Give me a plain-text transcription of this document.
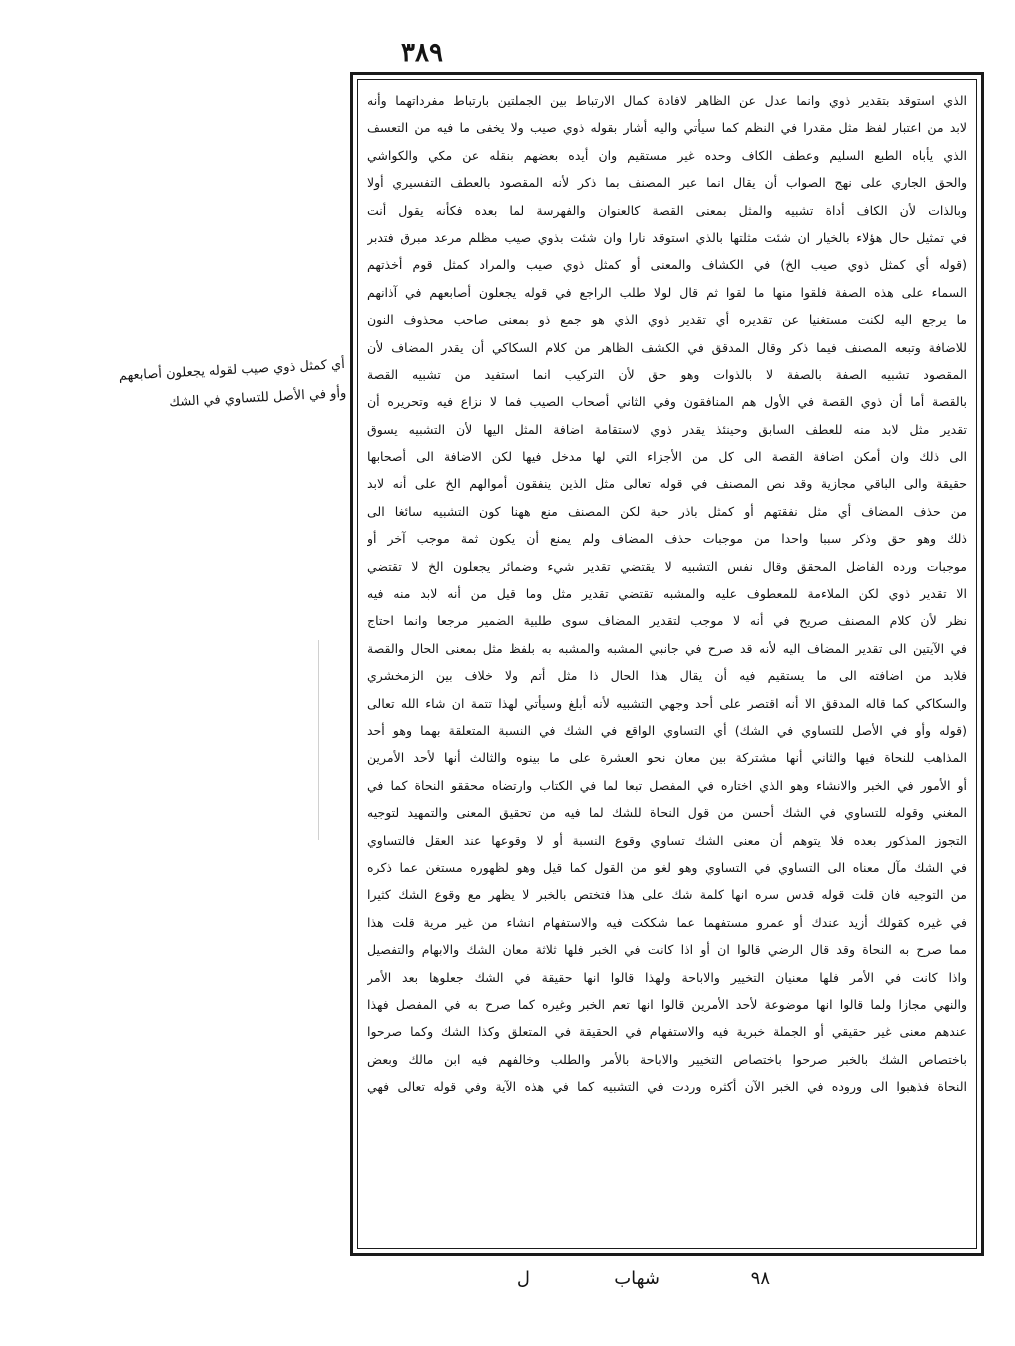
٣٨٩
أي كمثل ذوي صيب لقوله يجعلون أصابعهم
وأو في الأصل للتساوي في الشك
الذي استوقد بتقدير ذوي وانما عدل عن الظاهر لافادة كمال الارتباط بين الجملتين بارتباط مفرداتهما وأنه
لابد من اعتبار لفظ مثل مقدرا في النظم كما سيأتي واليه أشار بقوله ذوي صيب ولا يخفى ما فيه من التعسف
الذي يأباه الطبع السليم وعطف الكاف وحده غير مستقيم وان أيده بعضهم بنقله عن مكي والكواشي
والحق الجاري على نهج الصواب أن يقال انما عبر المصنف بما ذكر لأنه المقصود بالعطف التفسيري أولا
وبالذات لأن الكاف أداة تشبيه والمثل بمعنى القصة كالعنوان والفهرسة لما بعده فكأنه يقول أنت
في تمثيل حال هؤلاء بالخيار ان شئت مثلتها بالذي استوقد نارا وان شئت بذوي صيب مظلم مرعد مبرق فتدبر
(قوله أي كمثل ذوي صيب الخ) في الكشاف والمعنى أو كمثل ذوي صيب والمراد كمثل قوم أخذتهم
السماء على هذه الصفة فلقوا منها ما لقوا ثم قال لولا طلب الراجع في قوله يجعلون أصابعهم في آذانهم
ما يرجع اليه لكنت مستغنيا عن تقديره أي تقدير ذوي الذي هو جمع ذو بمعنى صاحب محذوف النون
للاضافة وتبعه المصنف فيما ذكر وقال المدقق في الكشف الظاهر من كلام السكاكي أن يقدر المضاف لأن
المقصود تشبيه الصفة بالصفة لا بالذوات وهو حق لأن التركيب انما استفيد من تشبيه القصة
بالقصة أما أن ذوي القصة في الأول هم المنافقون وفي الثاني أصحاب الصيب فما لا نزاع فيه وتحريره أن
تقدير مثل لابد منه للعطف السابق وحينئذ يقدر ذوي لاستقامة اضافة المثل اليها لأن التشبيه يسوق
الى ذلك وان أمكن اضافة القصة الى كل من الأجزاء التي لها مدخل فيها لكن الاضافة الى أصحابها
حقيقة والى الباقي مجازية وقد نص المصنف في قوله تعالى مثل الذين ينفقون أموالهم الخ على أنه لابد
من حذف المضاف أي مثل نفقتهم أو كمثل باذر حبة لكن المصنف منع ههنا كون التشبيه سائغا الى
ذلك وهو حق وذكر سببا واحدا من موجبات حذف المضاف ولم يمنع أن يكون ثمة موجب آخر أو
موجبات ورده الفاضل المحقق وقال نفس التشبيه لا يقتضي تقدير شيء وضمائر يجعلون الخ لا تقتضي
الا تقدير ذوي لكن الملاءمة للمعطوف عليه والمشبه تقتضي تقدير مثل وما قيل من أنه لابد منه فيه
نظر لأن كلام المصنف صريح في أنه لا موجب لتقدير المضاف سوى طلبية الضمير مرجعا وانما احتاج
في الآيتين الى تقدير المضاف اليه لأنه قد صرح في جانبي المشبه والمشبه به بلفظ مثل بمعنى الحال والقصة
فلابد من اضافته الى ما يستقيم فيه أن يقال هذا الحال ذا مثل أتم ولا خلاف بين الزمخشري
والسكاكي كما قاله المدقق الا أنه اقتصر على أحد وجهي التشبيه لأنه أبلغ وسيأتي لهذا تتمة ان شاء الله تعالى
(قوله وأو في الأصل للتساوي في الشك) أي التساوي الواقع في الشك في النسبة المتعلقة بهما وهو أحد
المذاهب للنحاة فيها والثاني أنها مشتركة بين معان نحو العشرة على ما بينوه والثالث أنها لأحد الأمرين
أو الأمور في الخبر والانشاء وهو الذي اختاره في المفصل تبعا لما في الكتاب وارتضاه محققو النحاة كما في
المغني وقوله للتساوي في الشك أحسن من قول النحاة للشك لما فيه من تحقيق المعنى والتمهيد لتوجيه
التجوز المذكور بعده فلا يتوهم أن معنى الشك تساوي وقوع النسبة أو لا وقوعها عند العقل فالتساوي
في الشك مآل معناه الى التساوي في التساوي وهو لغو من القول كما قيل وهو لظهوره مستغن عما ذكره
من التوجيه فان قلت قوله قدس سره انها كلمة شك على هذا فتختص بالخبر لا يظهر مع وقوع الشك كثيرا
في غيره كقولك أزيد عندك أو عمرو مستفهما عما شككت فيه والاستفهام انشاء من غير مرية قلت هذا
مما صرح به النحاة وقد قال الرضي قالوا ان أو اذا كانت في الخبر فلها ثلاثة معان الشك والابهام والتفصيل
واذا كانت في الأمر فلها معنيان التخيير والاباحة ولهذا قالوا انها حقيقة في الشك جعلوها بعد الأمر
والنهي مجازا ولما قالوا انها موضوعة لأحد الأمرين قالوا انها تعم الخبر وغيره كما صرح به في المفصل فهذا
عندهم معنى غير حقيقي أو الجملة خبرية فيه والاستفهام في الحقيقة في المتعلق وكذا الشك وكما صرحوا
باختصاص الشك بالخبر صرحوا باختصاص التخيير والاباحة بالأمر والطلب وخالفهم فيه ابن مالك وبعض
النحاة فذهبوا الى وروده في الخبر الآن أكثره وردت في التشبيه كما في هذه الآية وفي قوله تعالى فهي
٩٨
شهاب
ل
